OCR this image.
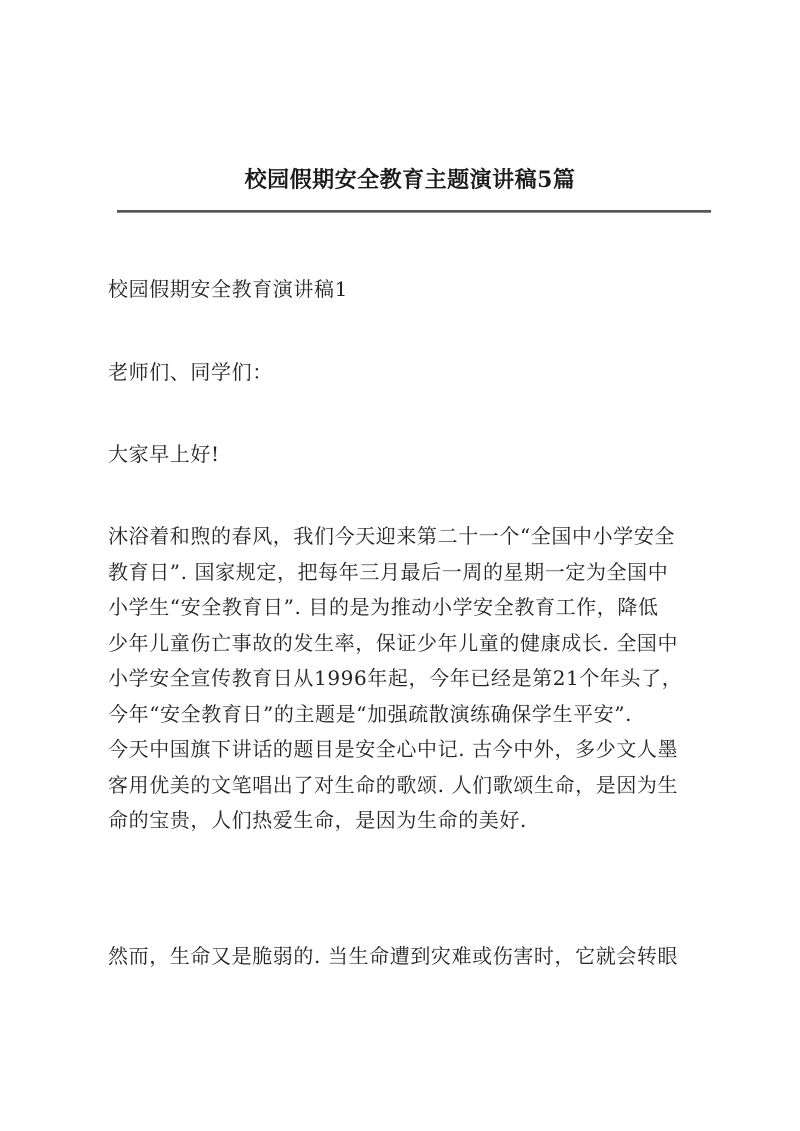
校园假期安全教育主题演讲稿5篇

校园假期安全教育演讲稿1

老师们、同学们：

大家早上好!

沐浴着和煦的春风，我们今天迎来第二十一个“全国中小学安全
教育日”. 国家规定，把每年三月最后一周的星期一定为全国中
小学生“安全教育日”. 目的是为推动小学安全教育工作，降低
少年儿童伤亡事故的发生率，保证少年儿童的健康成长. 全国中
小学安全宣传教育日从1996年起，今年已经是第21个年头了，
今年“安全教育日”的主题是“加强疏散演练确保学生平安”.
今天中国旗下讲话的题目是安全心中记. 古今中外，多少文人墨
客用优美的文笔唱出了对生命的歌颂. 人们歌颂生命，是因为生
命的宝贵，人们热爱生命，是因为生命的美好.

然而，生命又是脆弱的. 当生命遭到灾难或伤害时，它就会转眼
